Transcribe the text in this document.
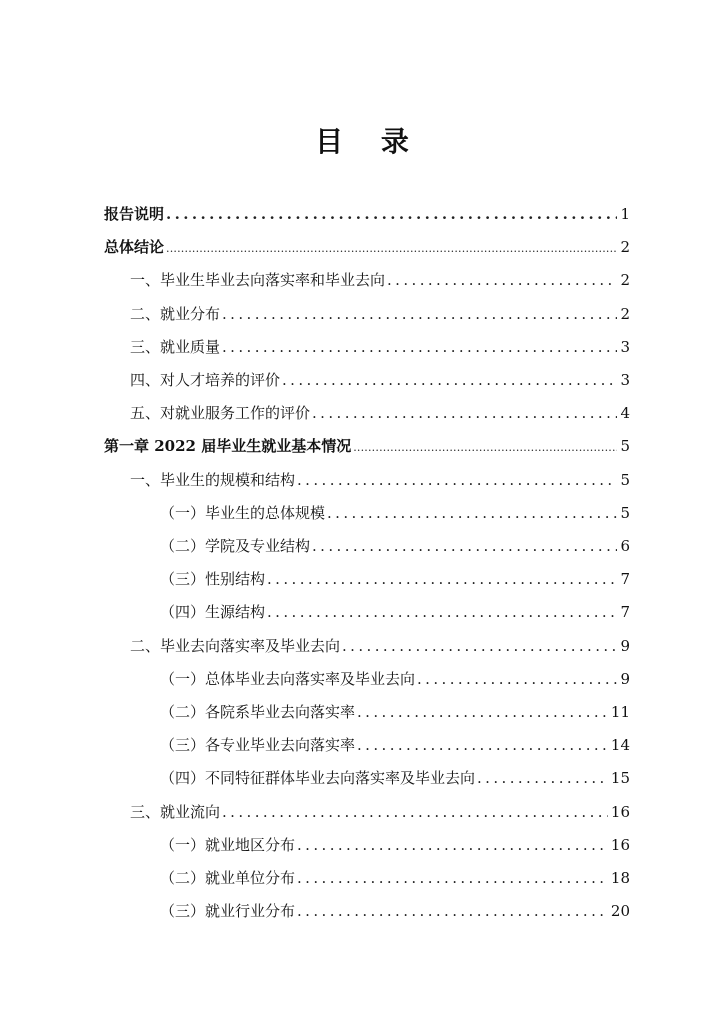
目 录
报告说明 .....	1
总体结论 .....	2
一、毕业生毕业去向落实率和毕业去向 .....	2
二、就业分布 .....	2
三、就业质量 .....	3
四、对人才培养的评价 .....	3
五、对就业服务工作的评价 .....	4
第一章 2022 届毕业生就业基本情况 .....	5
一、毕业生的规模和结构 .....	5
（一）毕业生的总体规模 .....	5
（二）学院及专业结构 .....	6
（三）性别结构 .....	7
（四）生源结构 .....	7
二、毕业去向落实率及毕业去向 .....	9
（一）总体毕业去向落实率及毕业去向 .....	9
（二）各院系毕业去向落实率 .....	11
（三）各专业毕业去向落实率 .....	14
（四）不同特征群体毕业去向落实率及毕业去向 .....	15
三、就业流向 .....	16
（一）就业地区分布 .....	16
（二）就业单位分布 .....	18
（三）就业行业分布 .....	20
